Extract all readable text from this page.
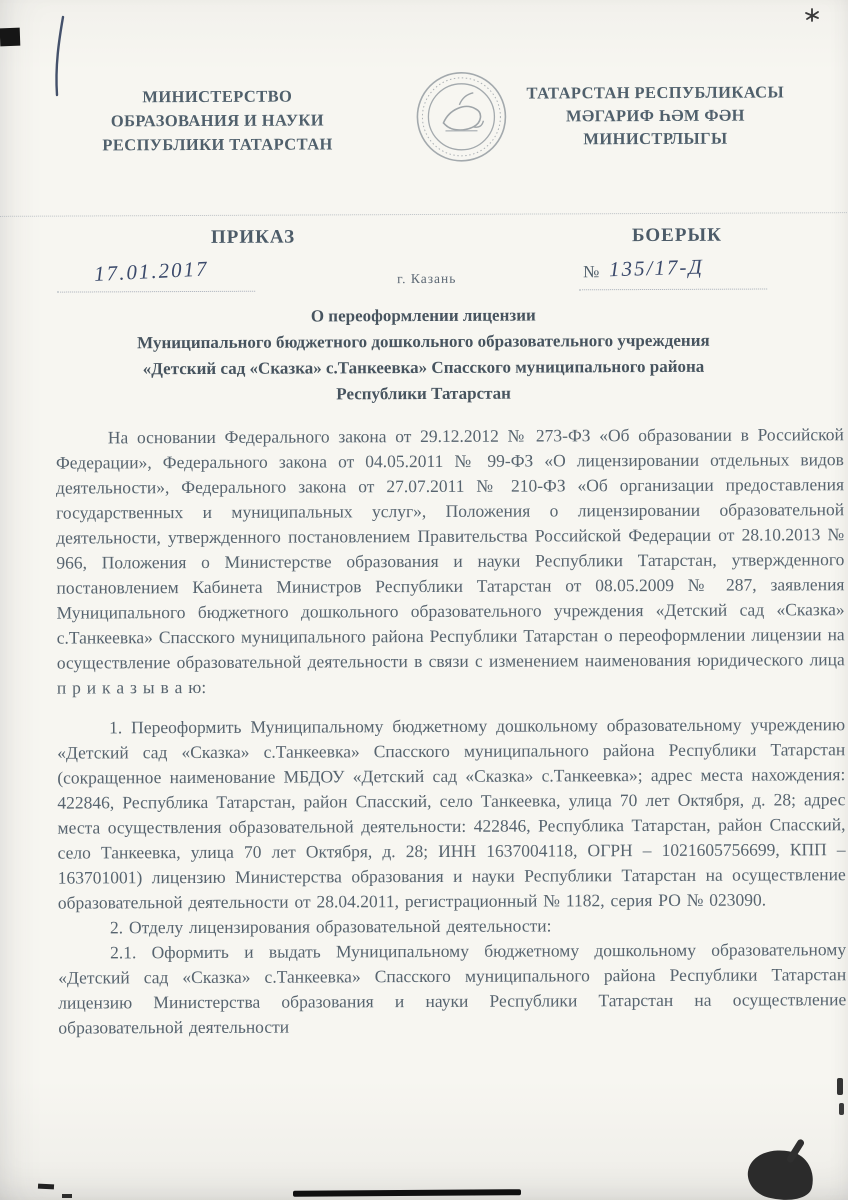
МИНИСТЕРСТВО
ОБРАЗОВАНИЯ И НАУКИ
РЕСПУБЛИКИ ТАТАРСТАН
ТАТАРСТАН РЕСПУБЛИКАСЫ
МӘГАРИФ ҺӘМ ФӘН
МИНИСТРЛЫГЫ
ПРИКАЗ	БОЕРЫК
17.01.2017	г. Казань	№ 135/17-Д
О переоформлении лицензии
Муниципального бюджетного дошкольного образовательного учреждения
«Детский сад «Сказка» с.Танкеевка» Спасского муниципального района
Республики Татарстан

На основании Федерального закона от 29.12.2012 № 273-ФЗ «Об образовании в Российской Федерации», Федерального закона от 04.05.2011 № 99-ФЗ «О лицензировании отдельных видов деятельности», Федерального закона от 27.07.2011 № 210-ФЗ «Об организации предоставления государственных и муниципальных услуг», Положения о лицензировании образовательной деятельности, утвержденного постановлением Правительства Российской Федерации от 28.10.2013 № 966, Положения о Министерстве образования и науки Республики Татарстан, утвержденного постановлением Кабинета Министров Республики Татарстан от 08.05.2009 № 287, заявления Муниципального бюджетного дошкольного образовательного учреждения «Детский сад «Сказка» с.Танкеевка» Спасского муниципального района Республики Татарстан о переоформлении лицензии на осуществление образовательной деятельности в связи с изменением наименования юридического лица п р и к а з ы в а ю:

1. Переоформить Муниципальному бюджетному дошкольному образовательному учреждению «Детский сад «Сказка» с.Танкеевка» Спасского муниципального района Республики Татарстан (сокращенное наименование МБДОУ «Детский сад «Сказка» с.Танкеевка»; адрес места нахождения: 422846, Республика Татарстан, район Спасский, село Танкеевка, улица 70 лет Октября, д. 28; адрес места осуществления образовательной деятельности: 422846, Республика Татарстан, район Спасский, село Танкеевка, улица 70 лет Октября, д. 28; ИНН 1637004118, ОГРН – 1021605756699, КПП – 163701001) лицензию Министерства образования и науки Республики Татарстан на осуществление образовательной деятельности от 28.04.2011, регистрационный № 1182, серия РО № 023090.

2. Отделу лицензирования образовательной деятельности:

2.1. Оформить и выдать Муниципальному бюджетному дошкольному образовательному «Детский сад «Сказка» с.Танкеевка» Спасского муниципального района Республики Татарстан лицензию Министерства образования и науки Республики Татарстан на осуществление образовательной деятельности
